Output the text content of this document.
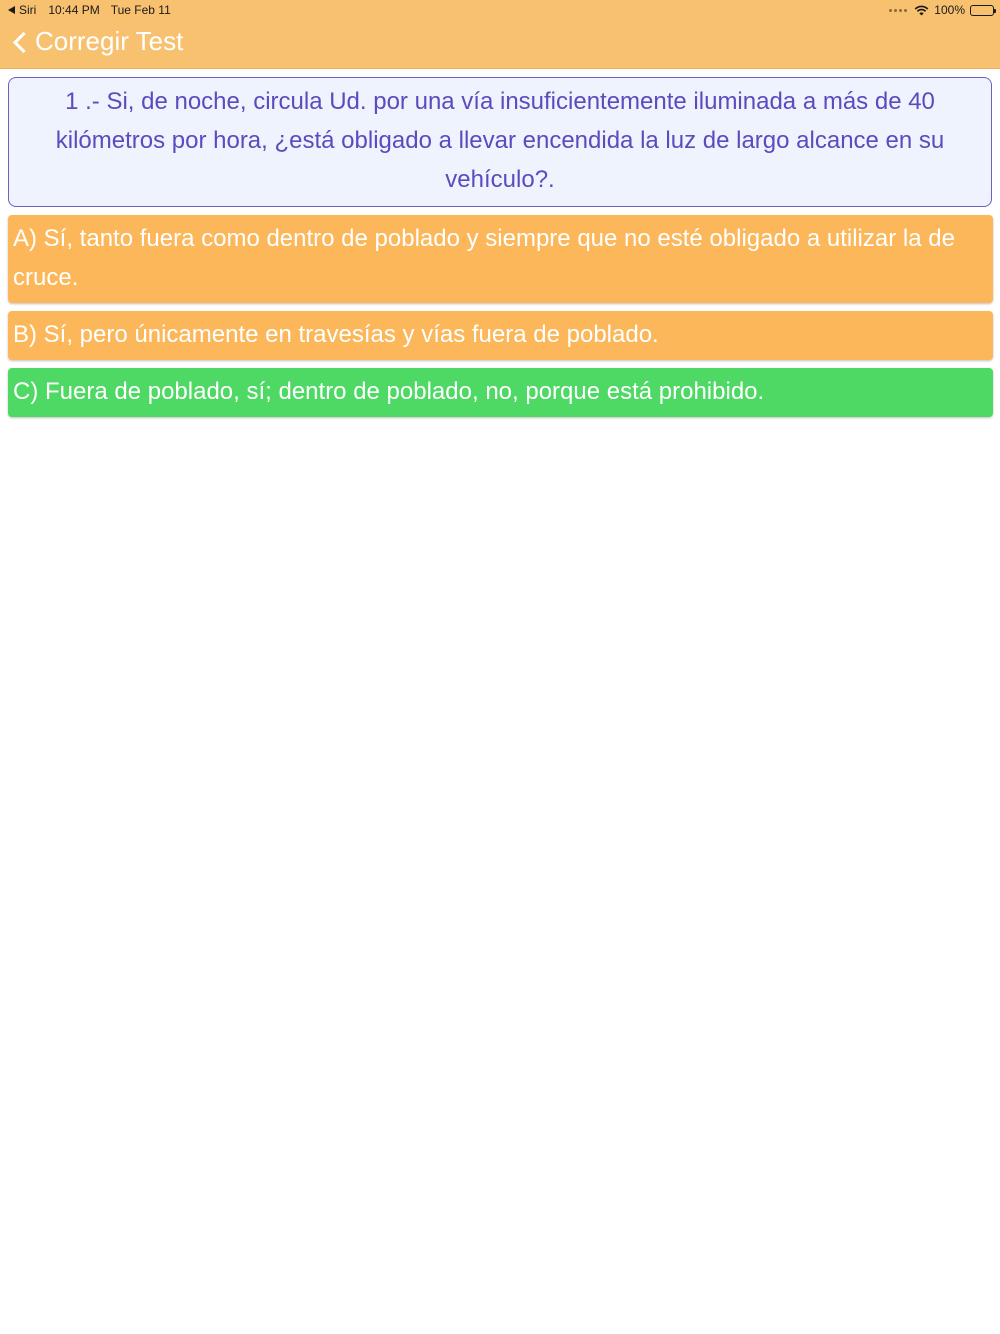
Siri 10:44 PM Tue Feb 11	100%
Corregir Test
1 .- Si, de noche, circula Ud. por una vía insuficientemente iluminada a más de 40 kilómetros por hora, ¿está obligado a llevar encendida la luz de largo alcance en su vehículo?.
A) Sí, tanto fuera como dentro de poblado y siempre que no esté obligado a utilizar la de cruce.
B) Sí, pero únicamente en travesías y vías fuera de poblado.
C) Fuera de poblado, sí; dentro de poblado, no, porque está prohibido.
